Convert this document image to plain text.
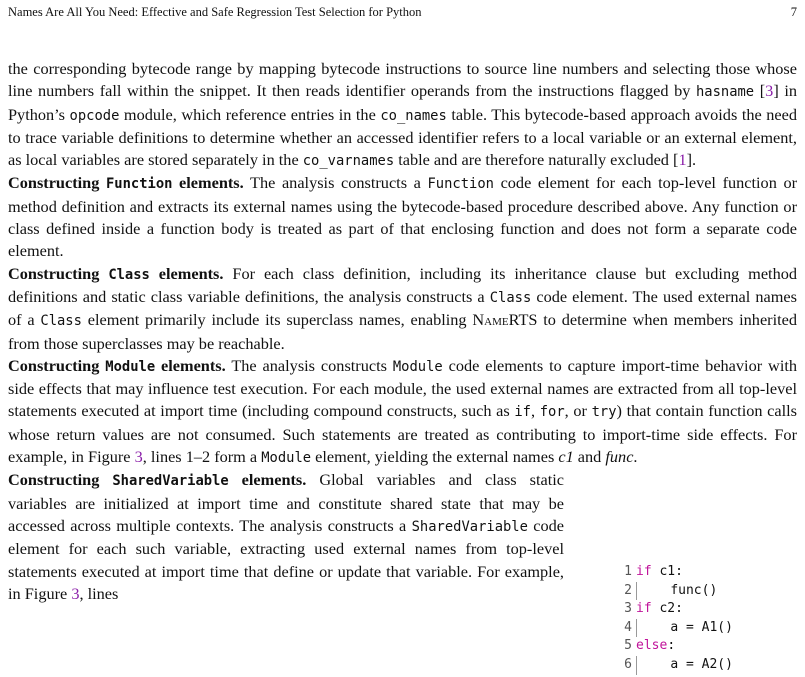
Names Are All You Need: Effective and Safe Regression Test Selection for Python	7

the corresponding bytecode range by mapping bytecode instructions to source line numbers and selecting those whose line numbers fall within the snippet. It then reads identifier operands from the instructions flagged by hasname [3] in Python’s opcode module, which reference entries in the co_names table. This bytecode-based approach avoids the need to trace variable definitions to determine whether an accessed identifier refers to a local variable or an external element, as local variables are stored separately in the co_varnames table and are therefore naturally excluded [1].

Constructing Function elements. The analysis constructs a Function code element for each top-level function or method definition and extracts its external names using the bytecode-based procedure described above. Any function or class defined inside a function body is treated as part of that enclosing function and does not form a separate code element.

Constructing Class elements. For each class definition, including its inheritance clause but excluding method definitions and static class variable definitions, the analysis constructs a Class code element. The used external names of a Class element primarily include its superclass names, enabling NameRTS to determine when members inherited from those superclasses may be reachable.

Constructing Module elements. The analysis constructs Module code elements to capture import-time behavior with side effects that may influence test execution. For each module, the used external names are extracted from all top-level statements executed at import time (including compound constructs, such as if, for, or try) that contain function calls whose return values are not consumed. Such statements are treated as contributing to import-time side effects. For example, in Figure 3, lines 1–2 form a Module element, yielding the external names c1 and func.

Constructing SharedVariable elements. Global variables and class static variables are initialized at import time and constitute shared state that may be accessed across multiple contexts. The analysis constructs a SharedVariable code element for each such variable, extracting used external names from top-level statements executed at import time that define or update that variable. For example, in Figure 3, lines

1 if c1:
2
	func()
3 if c2:
4
	a = A1()
5 else :
6
	a = A2()
